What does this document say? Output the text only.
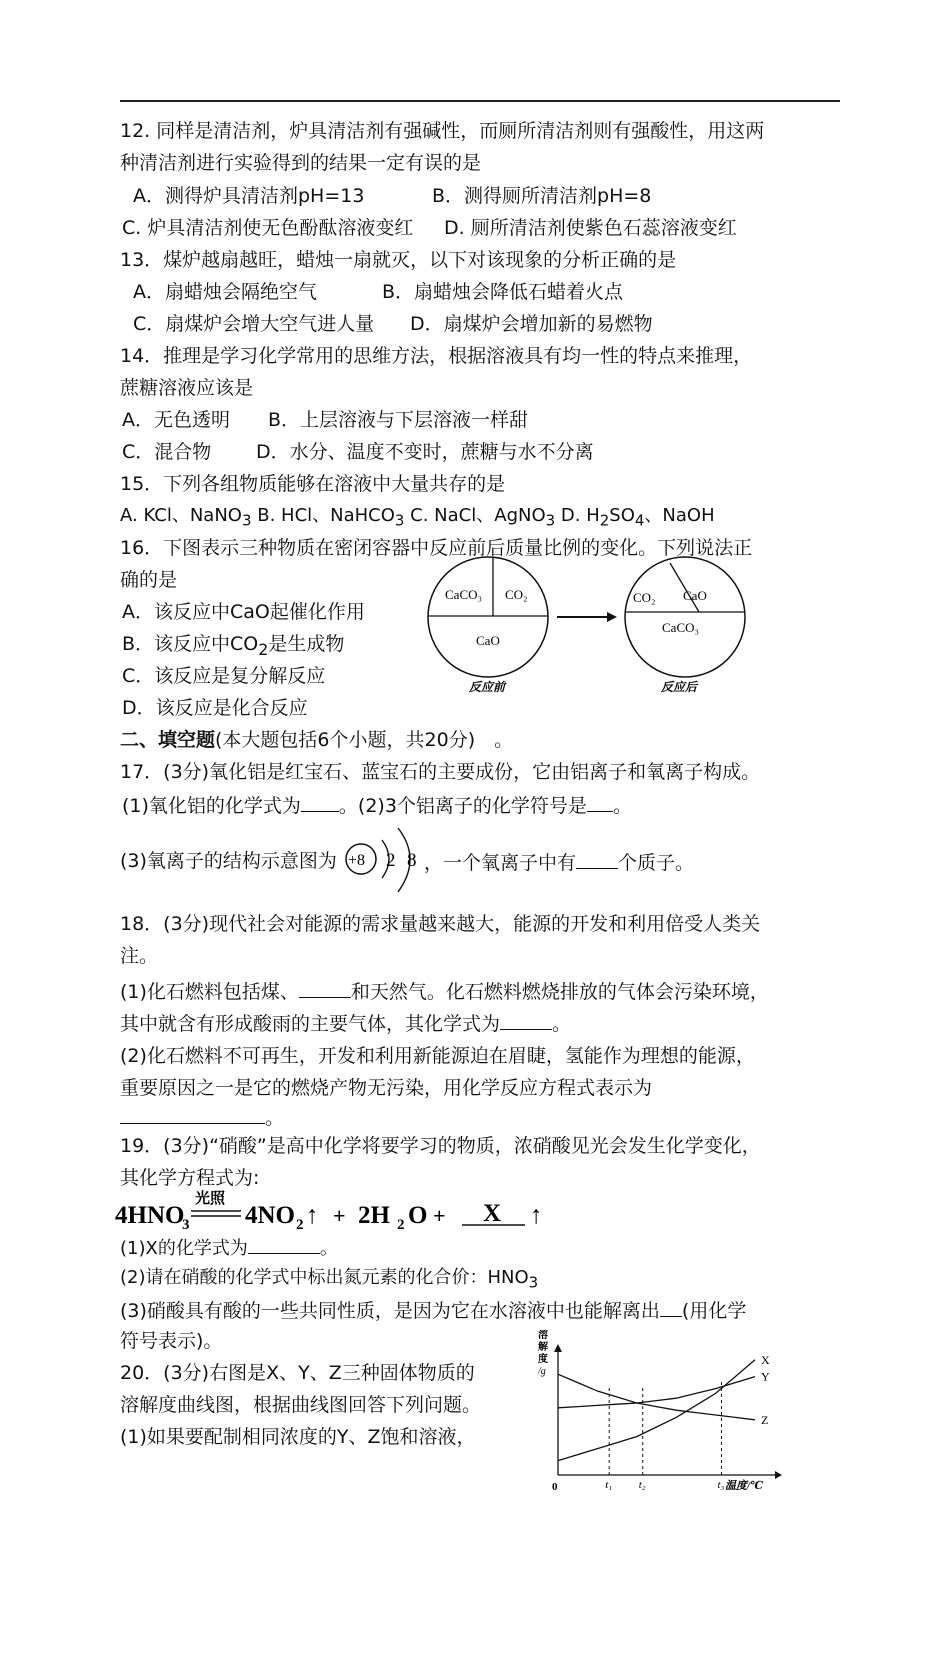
12. 同样是清洁剂，炉具清洁剂有强碱性，而厕所清洁剂则有强酸性，用这两
种清洁剂进行实验得到的结果一定有误的是
A．测得炉具清洁剂pH=13	B．测得厕所清洁剂pH=8
C. 炉具清洁剂使无色酚酞溶液变红 D. 厕所清洁剂使紫色石蕊溶液变红
13．煤炉越扇越旺，蜡烛一扇就灭，以下对该现象的分析正确的是
A．扇蜡烛会隔绝空气	B．扇蜡烛会降低石蜡着火点
C．扇煤炉会增大空气进人量 D．扇煤炉会增加新的易燃物
14．推理是学习化学常用的思维方法，根据溶液具有均一性的特点来推理，
蔗糖溶液应该是
A．无色透明 B．上层溶液与下层溶液一样甜
C．混合物 D．水分、温度不变时，蔗糖与水不分离
15．下列各组物质能够在溶液中大量共存的是
A. KCl、NaNO$_3$ B. HCl、NaHCO$_3$ C. NaCl、AgNO$_3$ D. $H_2SO_4$、NaOH
16．下图表示三种物质在密闭容器中反应前后质量比例的变化。下列说法正
确的是
A．该反应中CaO起催化作用
B．该反应中$CO_2$是生成物
C．该反应是复分解反应
D．该反应是化合反应
CaCO₃ CO₂
CaO
反应前
CO₂ CaO
CaCO₃
反应后
二、填空题(本大题包括6个小题，共20分)　。
17．(3分)氧化铝是红宝石、蓝宝石的主要成份，它由铝离子和氧离子构成。
(1)氧化铝的化学式为 。(2)3个铝离子的化学符号是 。
(3)氧离子的结构示意图为 +8 2 8 ，一个氧离子中有 个质子。
18．(3分)现代社会对能源的需求量越来越大，能源的开发和利用倍受人类关
注。
(1)化石燃料包括煤、	和天然气。化石燃料燃烧排放的气体会污染环境，
其中就含有形成酸雨的主要气体，其化学式为	。
(2)化石燃料不可再生，开发和利用新能源迫在眉睫，氢能作为理想的能源，
重要原因之一是它的燃烧产物无污染，用化学反应方程式表示为
。
19．(3分)“硝酸”是高中化学将要学习的物质，浓硝酸见光会发生化学变化，
其化学方程式为:
4HNO
3
光照
4NO 2 ↑ + 2H 2 O + X ↑
(1)X的化学式为	。
(2)请在硝酸的化学式中标出氮元素的化合价：$HNO_3$
(3)硝酸具有酸的一些共同性质，是因为它在水溶液中也能解离出 (用化学
符号表示)。
20．(3分)右图是X、Y、Z三种固体物质的
溶解度曲线图，根据曲线图回答下列问题。
(1)如果要配制相同浓度的Y、Z饱和溶液，
溶
解
度
/g
0	温度/℃
t₁ t₂	t₃
X
Y
Z
